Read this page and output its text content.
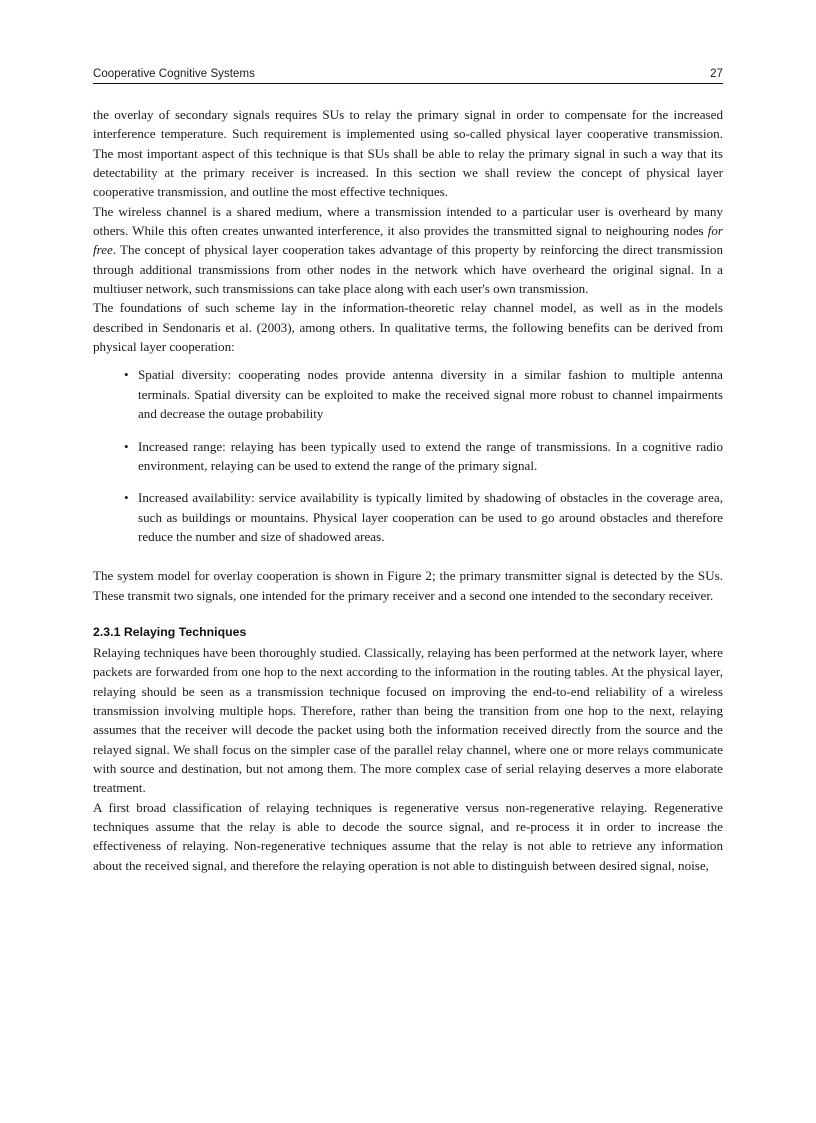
Cooperative Cognitive Systems	27

the overlay of secondary signals requires SUs to relay the primary signal in order to compensate for the increased interference temperature. Such requirement is implemented using so-called physical layer cooperative transmission. The most important aspect of this technique is that SUs shall be able to relay the primary signal in such a way that its detectability at the primary receiver is increased. In this section we shall review the concept of physical layer cooperative transmission, and outline the most effective techniques.

The wireless channel is a shared medium, where a transmission intended to a particular user is overheard by many others. While this often creates unwanted interference, it also provides the transmitted signal to neighouring nodes for free. The concept of physical layer cooperation takes advantage of this property by reinforcing the direct transmission through additional transmissions from other nodes in the network which have overheard the original signal. In a multiuser network, such transmissions can take place along with each user's own transmission.

The foundations of such scheme lay in the information-theoretic relay channel model, as well as in the models described in Sendonaris et al. (2003), among others. In qualitative terms, the following benefits can be derived from physical layer cooperation:

• Spatial diversity: cooperating nodes provide antenna diversity in a similar fashion to multiple antenna terminals. Spatial diversity can be exploited to make the received signal more robust to channel impairments and decrease the outage probability
• Increased range: relaying has been typically used to extend the range of transmissions. In a cognitive radio environment, relaying can be used to extend the range of the primary signal.
• Increased availability: service availability is typically limited by shadowing of obstacles in the coverage area, such as buildings or mountains. Physical layer cooperation can be used to go around obstacles and therefore reduce the number and size of shadowed areas.

The system model for overlay cooperation is shown in Figure 2; the primary transmitter signal is detected by the SUs. These transmit two signals, one intended for the primary receiver and a second one intended to the secondary receiver.

2.3.1 Relaying Techniques

Relaying techniques have been thoroughly studied. Classically, relaying has been performed at the network layer, where packets are forwarded from one hop to the next according to the information in the routing tables. At the physical layer, relaying should be seen as a transmission technique focused on improving the end-to-end reliability of a wireless transmission involving multiple hops. Therefore, rather than being the transition from one hop to the next, relaying assumes that the receiver will decode the packet using both the information received directly from the source and the relayed signal. We shall focus on the simpler case of the parallel relay channel, where one or more relays communicate with source and destination, but not among them. The more complex case of serial relaying deserves a more elaborate treatment.

A first broad classification of relaying techniques is regenerative versus non-regenerative relaying. Regenerative techniques assume that the relay is able to decode the source signal, and re-process it in order to increase the effectiveness of relaying. Non-regenerative techniques assume that the relay is not able to retrieve any information about the received signal, and therefore the relaying operation is not able to distinguish between desired signal, noise,
